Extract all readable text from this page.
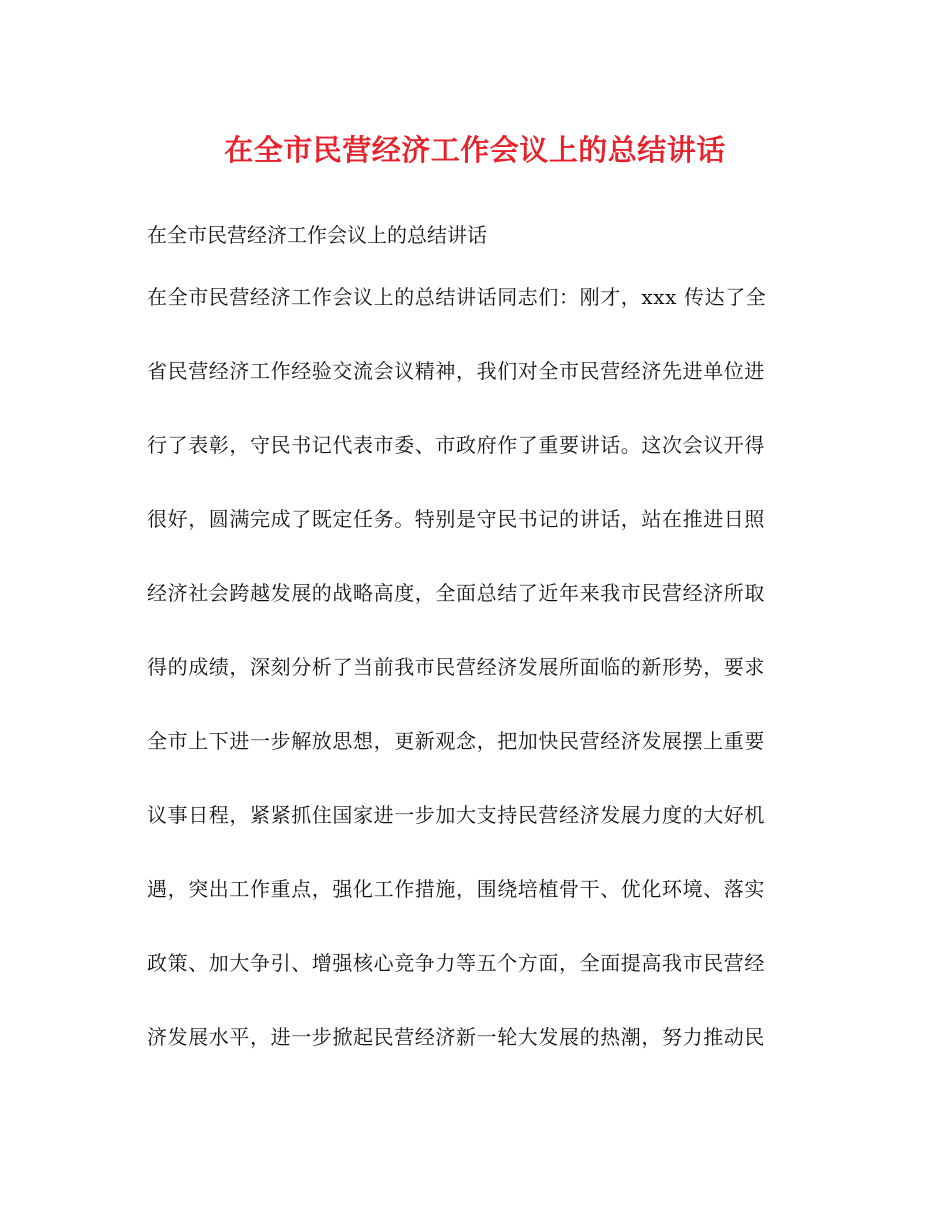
在全市民营经济工作会议上的总结讲话
在全市民营经济工作会议上的总结讲话
在全市民营经济工作会议上的总结讲话同志们：刚才，xxx 传达了全
省民营经济工作经验交流会议精神，我们对全市民营经济先进单位进
行了表彰，守民书记代表市委、市政府作了重要讲话。这次会议开得
很好，圆满完成了既定任务。特别是守民书记的讲话，站在推进日照
经济社会跨越发展的战略高度，全面总结了近年来我市民营经济所取
得的成绩，深刻分析了当前我市民营经济发展所面临的新形势，要求
全市上下进一步解放思想，更新观念，把加快民营经济发展摆上重要
议事日程，紧紧抓住国家进一步加大支持民营经济发展力度的大好机
遇，突出工作重点，强化工作措施，围绕培植骨干、优化环境、落实
政策、加大争引、增强核心竞争力等五个方面，全面提高我市民营经
济发展水平，进一步掀起民营经济新一轮大发展的热潮，努力推动民
